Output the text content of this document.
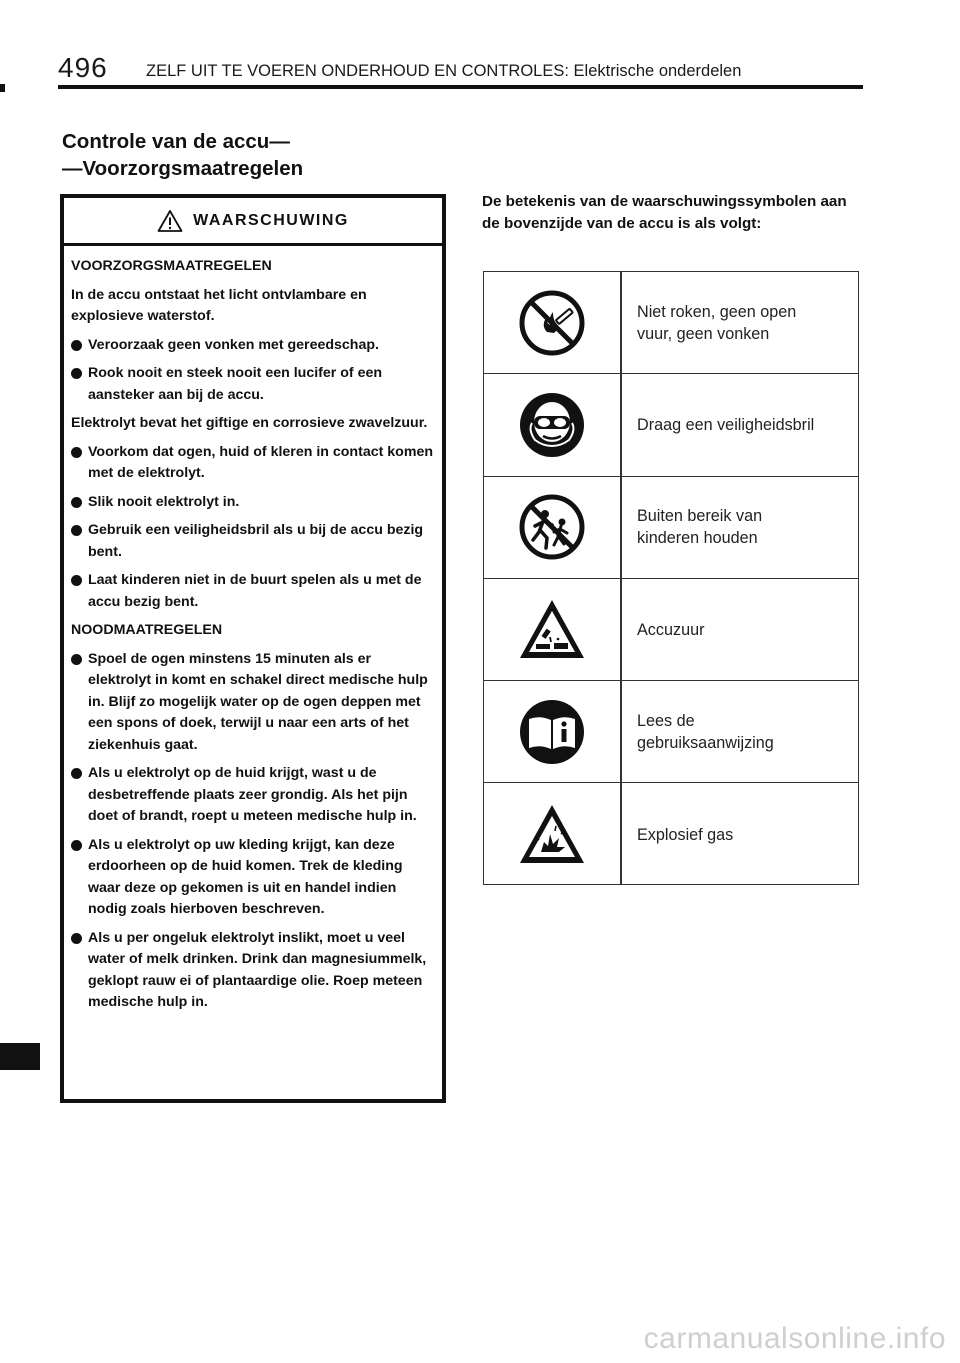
496 ZELF UIT TE VOEREN ONDERHOUD EN CONTROLES: Elektrische onderdelen
Controle van de accu—
—Voorzorgsmaatregelen
WAARSCHUWING

VOORZORGSMAATREGELEN

In de accu ontstaat het licht ontvlambare en explosieve waterstof.

Veroorzaak geen vonken met gereedschap.
Rook nooit en steek nooit een lucifer of een aansteker aan bij de accu.

Elektrolyt bevat het giftige en corrosieve zwavelzuur.

Voorkom dat ogen, huid of kleren in contact komen met de elektrolyt.
Slik nooit elektrolyt in.
Gebruik een veiligheidsbril als u bij de accu bezig bent.
Laat kinderen niet in de buurt spelen als u met de accu bezig bent.

NOODMAATREGELEN

Spoel de ogen minstens 15 minuten als er elektrolyt in komt en schakel direct medische hulp in. Blijf zo mogelijk water op de ogen deppen met een spons of doek, terwijl u naar een arts of het ziekenhuis gaat.
Als u elektrolyt op de huid krijgt, wast u de desbetreffende plaats zeer grondig. Als het pijn doet of brandt, roept u meteen medische hulp in.
Als u elektrolyt op uw kleding krijgt, kan deze erdoorheen op de huid komen. Trek de kleding waar deze op gekomen is uit en handel indien nodig zoals hierboven beschreven.
Als u per ongeluk elektrolyt inslikt, moet u veel water of melk drinken. Drink dan magnesiummelk, geklopt rauw ei of plantaardige olie. Roep meteen medische hulp in.

De betekenis van de waarschuwingssymbolen aan de bovenzijde van de accu is als volgt:

Niet roken, geen open
vuur, geen vonken
Draag een veiligheidsbril
Buiten bereik van
kinderen houden
Accuzuur
Lees de
gebruiksaanwijzing
Explosief gas
carmanualsonline.info
